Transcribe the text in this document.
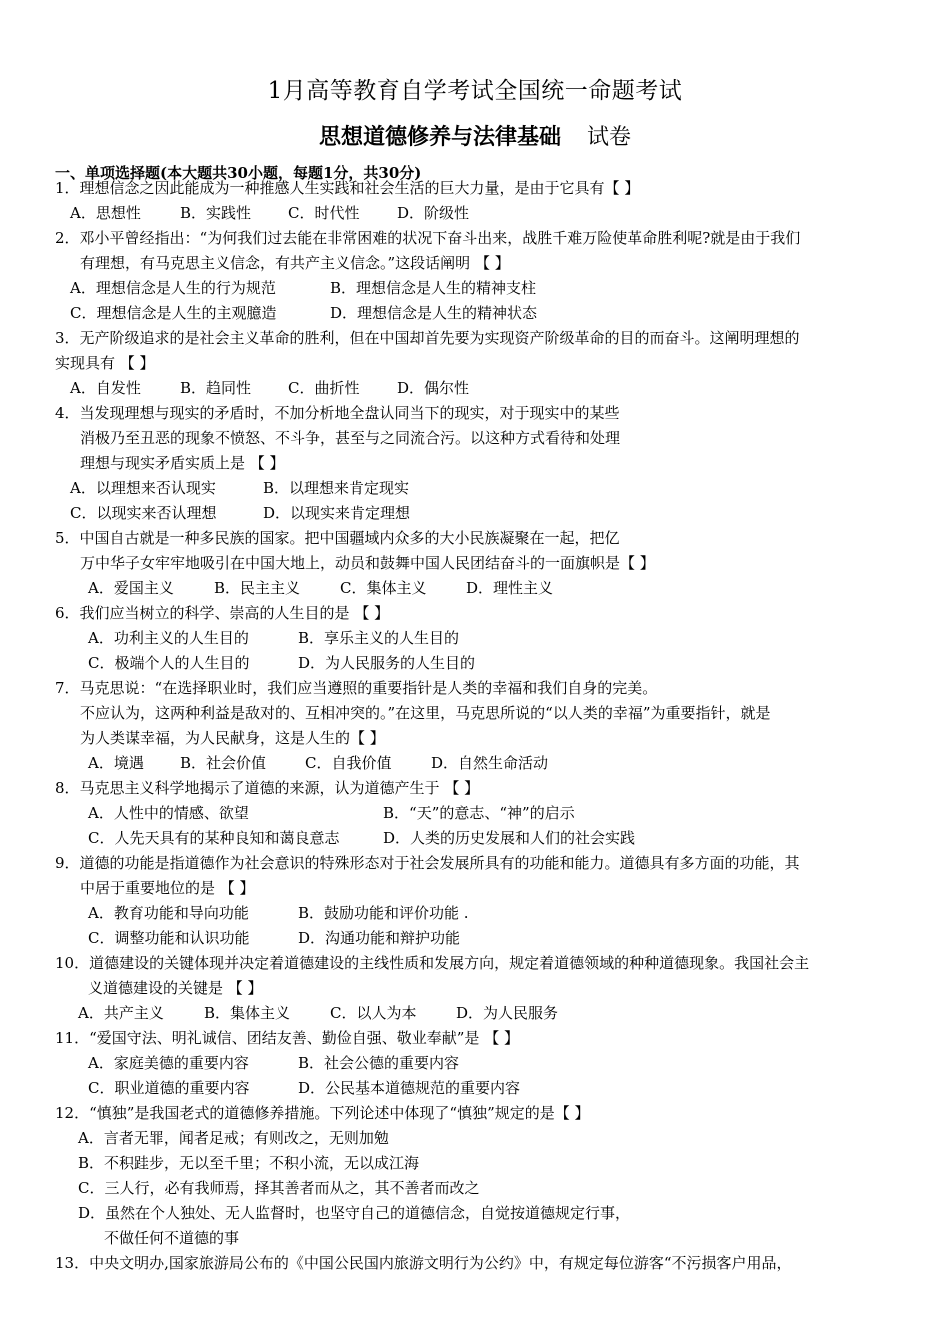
1月高等教育自学考试全国统一命题考试
思想道德修养与法律基础 试卷
一、单项选择题(本大题共30小题，每题1分，共30分)
1．理想信念之因此能成为一种推感人生实践和社会生活的巨大力量，是由于它具有【 】
A．思想性	B．实践性 C．时代性	D．阶级性
2．邓小平曾经指出：“为何我们过去能在非常困难的状况下奋斗出来，战胜千难万险使革命胜利呢?就是由于我们
有理想，有马克思主义信念，有共产主义信念。”这段话阐明 【 】
A．理想信念是人生的行为规范	B．理想信念是人生的精神支柱
C．理想信念是人生的主观臆造	D．理想信念是人生的精神状态
3．无产阶级追求的是社会主义革命的胜利，但在中国却首先要为实现资产阶级革命的目的而奋斗。这阐明理想的
实现具有 【 】
A．自发性	B．趋同性 C．曲折性	D．偶尔性
4．当发现理想与现实的矛盾时，不加分析地全盘认同当下的现实，对于现实中的某些
消极乃至丑恶的现象不愤怒、不斗争，甚至与之同流合污。以这种方式看待和处理
理想与现实矛盾实质上是 【 】
A．以理想来否认现实	B．以理想来肯定现实
C．以现实来否认理想	D．以现实来肯定理想
5．中国自古就是一种多民族的国家。把中国疆域内众多的大小民族凝聚在一起，把亿
万中华子女牢牢地吸引在中国大地上，动员和鼓舞中国人民团结奋斗的一面旗帜是【 】
A．爱国主义	B．民主主义	C．集体主义	D．理性主义
6．我们应当树立的科学、崇高的人生目的是 【 】
A．功利主义的人生目的	B．享乐主义的人生目的
C．极端个人的人生目的	D．为人民服务的人生目的
7．马克思说：“在选择职业时，我们应当遵照的重要指针是人类的幸福和我们自身的完美。
不应认为，这两种利益是敌对的、互相冲突的。”在这里，马克思所说的“以人类的幸福”为重要指针，就是
为人类谋幸福，为人民献身，这是人生的【 】
A．境遇 B．社会价值	C．自我价值	D．自然生命活动
8．马克思主义科学地揭示了道德的来源，认为道德产生于 【 】
A．人性中的情感、欲望	B．“天”的意志、“神”的启示
C．人先天具有的某种良知和蔼良意志	D．人类的历史发展和人们的社会实践
9．道德的功能是指道德作为社会意识的特殊形态对于社会发展所具有的功能和能力。道德具有多方面的功能，其
中居于重要地位的是 【 】
A．教育功能和导向功能	B．鼓励功能和评价功能 .
C．调整功能和认识功能	D．沟通功能和辩护功能
10．道德建设的关键体现并决定着道德建设的主线性质和发展方向，规定着道德领域的种种道德现象。我国社会主
义道德建设的关键是 【 】
A．共产主义	B．集体主义	C．以人为本	D．为人民服务
11．“爱国守法、明礼诚信、团结友善、勤俭自强、敬业奉献”是 【 】
A．家庭美德的重要内容	B．社会公德的重要内容
C．职业道德的重要内容	D．公民基本道德规范的重要内容
12．“慎独”是我国老式的道德修养措施。下列论述中体现了“慎独”规定的是【 】
A．言者无罪，闻者足戒；有则改之，无则加勉
B．不积跬步，无以至千里；不积小流，无以成江海
C．三人行，必有我师焉，择其善者而从之，其不善者而改之
D．虽然在个人独处、无人监督时，也坚守自己的道德信念，自觉按道德规定行事，
不做任何不道德的事
13．中央文明办,国家旅游局公布的《中国公民国内旅游文明行为公约》中，有规定每位游客“不污损客户用品，
